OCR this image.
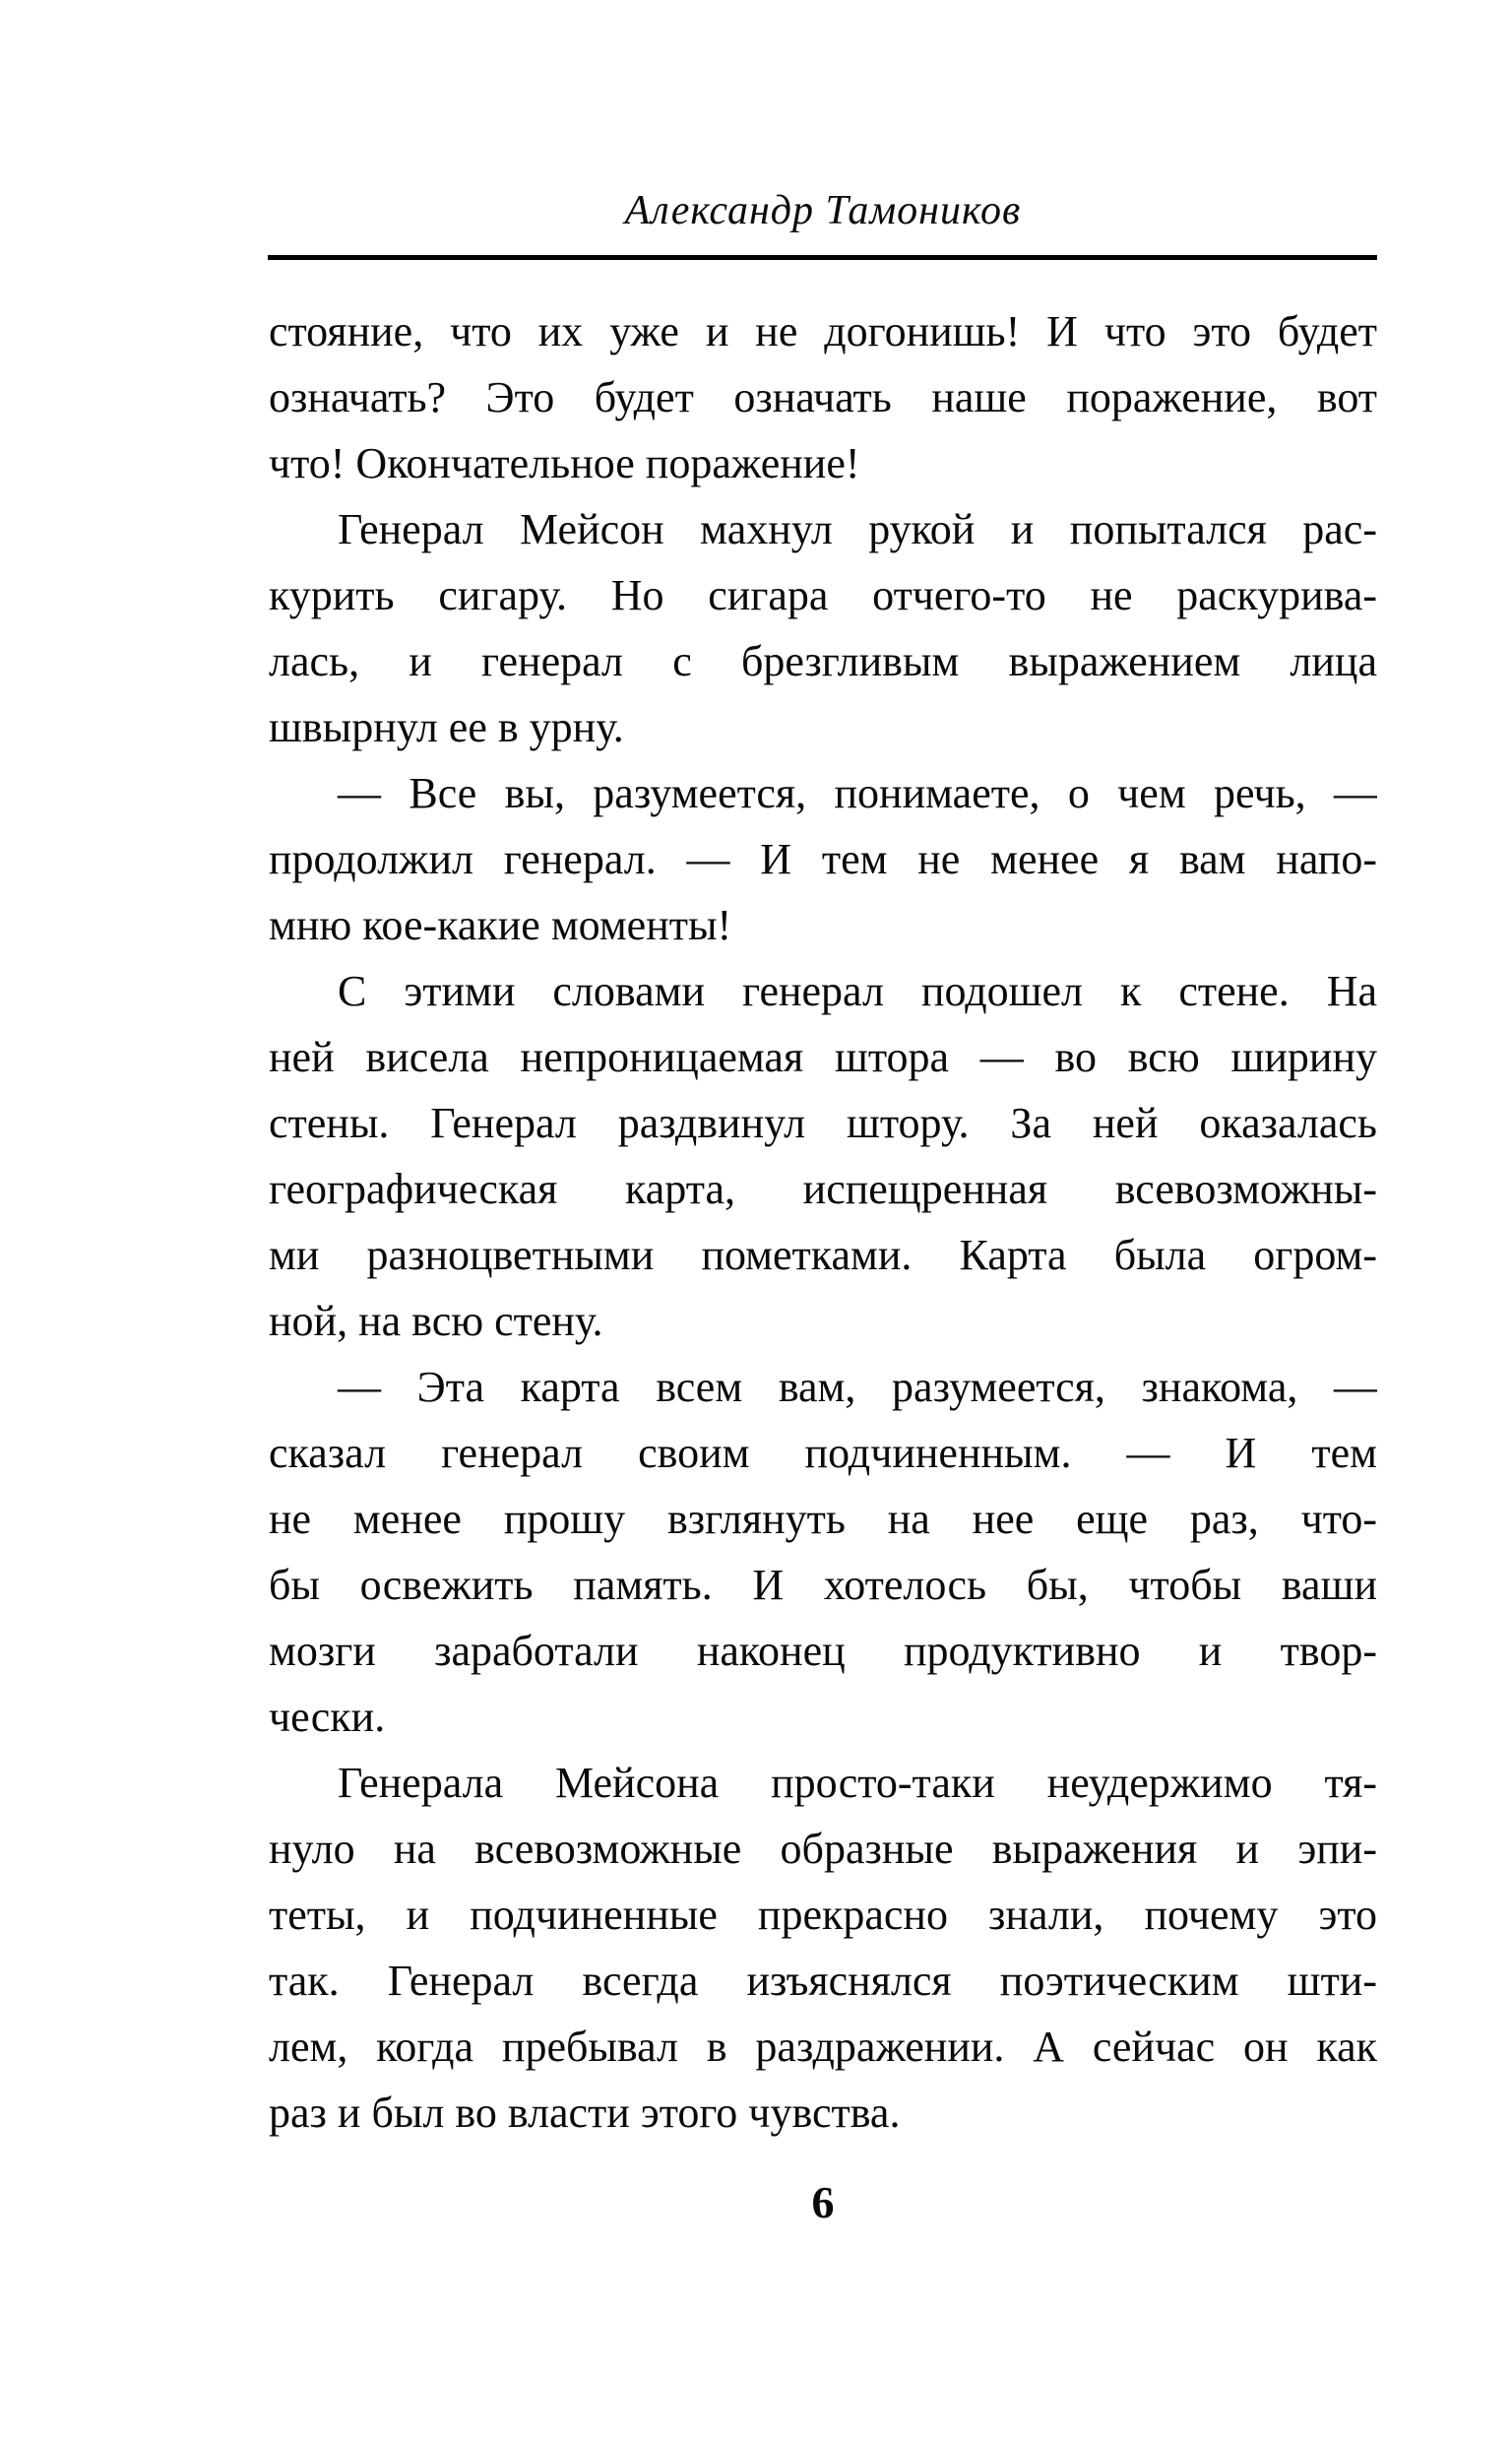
Александр Тамоников
стояние, что их уже и не догонишь! И что это будет
означать? Это будет означать наше поражение, вот
что! Окончательное поражение!
Генерал Мейсон махнул рукой и попытался рас-
курить сигару. Но сигара отчего-то не раскурива-
лась, и генерал с брезгливым выражением лица
швырнул ее в урну.
— Все вы, разумеется, понимаете, о чем речь, —
продолжил генерал. — И тем не менее я вам напо-
мню кое-какие моменты!
С этими словами генерал подошел к стене. На
ней висела непроницаемая штора — во всю ширину
стены. Генерал раздвинул штору. За ней оказалась
географическая карта, испещренная всевозможны-
ми разноцветными пометками. Карта была огром-
ной, на всю стену.
— Эта карта всем вам, разумеется, знакома, —
сказал генерал своим подчиненным. — И тем
не менее прошу взглянуть на нее еще раз, что-
бы освежить память. И хотелось бы, чтобы ваши
мозги заработали наконец продуктивно и твор-
чески.
Генерала Мейсона просто-таки неудержимо тя-
нуло на всевозможные образные выражения и эпи-
теты, и подчиненные прекрасно знали, почему это
так. Генерал всегда изъяснялся поэтическим шти-
лем, когда пребывал в раздражении. А сейчас он как
раз и был во власти этого чувства.
6
